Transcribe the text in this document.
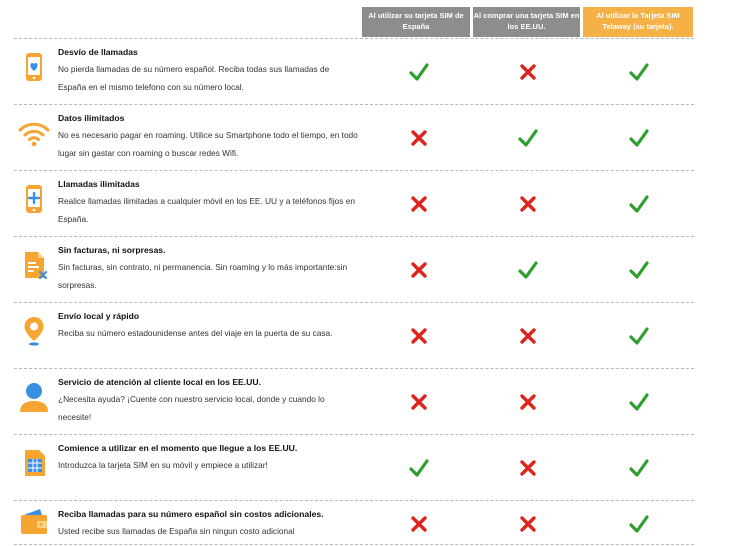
Al utilizar su tarjeta SIM de España
Al comprar una tarjeta SIM en los EE.UU.
Al utilizar la Tarjeta SIM Telaway (su tarjeta).
Desvío de llamadas
No pierda llamadas de su número español. Reciba todas sus llamadas de España en el mismo telefono con su número local.
Datos ilimitados
No es necesario pagar en roaming. Utilice su Smartphone todo el tiempo, en todo lugar sin gastar con roaming o buscar redes Wifi.
Llamadas ilimitadas
Realice llamadas ilimitadas a cualquier móvil en los EE. UU y a teléfonos fijos en España.
Sin facturas, ni sorpresas.
Sin facturas, sin contrato, ni permanencia. Sin roaming y lo más importante:sin sorpresas.
Envío local y rápido
Reciba su número estadounidense antes del viaje en la puerta de su casa.
Servicio de atención al cliente local en los EE.UU.
¿Necesita ayuda? ¡Cuente con nuestro servicio local, donde y cuando lo necesite!
Comience a utilizar en el momento que llegue a los EE.UU.
Introduzca la tarjeta SIM en su móvil y empiece a utilizar!
Reciba llamadas para su número español sin costos adicionales.
Usted recibe sus llamadas de España sin ningun costo adicional
